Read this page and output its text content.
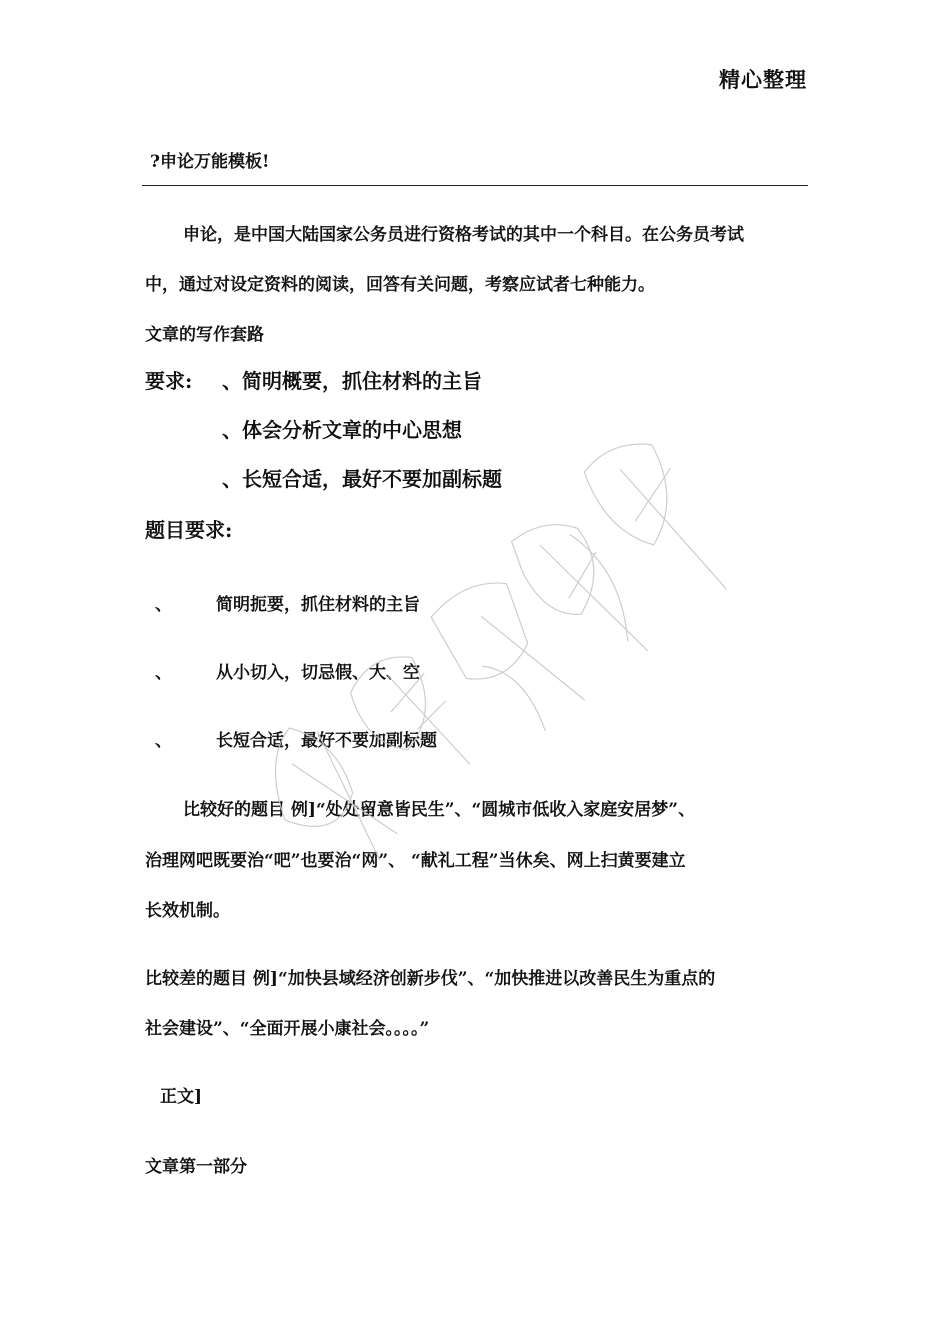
精心整理
?申论万能模板!
申论，是中国大陆国家公务员进行资格考试的其中一个科目。在公务员考试
中，通过对设定资料的阅读，回答有关问题，考察应试者七种能力。
文章的写作套路
要求: 、简明概要，抓住材料的主旨
、体会分析文章的中心思想
、长短合适，最好不要加副标题
题目要求:
、	简明扼要，抓住材料的主旨
、	从小切入，切忌假、大、空
、	长短合适，最好不要加副标题
比较好的题目 例]“处处留意皆民生”、“圆城市低收入家庭安居梦”、
治理网吧既要治“吧”也要治“网”、 “献礼工程”当休矣、网上扫黄要建立
长效机制。
比较差的题目 例]“加快县域经济创新步伐”、“加快推进以改善民生为重点的
社会建设”、“全面开展小康社会。。。。”
正文]
文章第一部分
